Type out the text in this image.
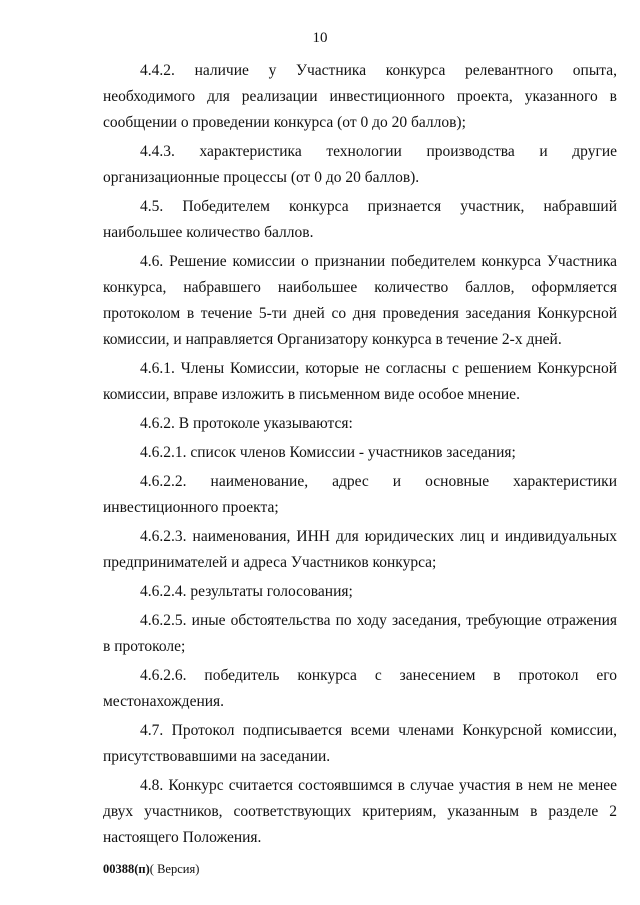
10

4.4.2. наличие у Участника конкурса релевантного опыта, необходимого для реализации инвестиционного проекта, указанного в сообщении о проведении конкурса (от 0 до 20 баллов);

4.4.3. характеристика технологии производства и другие организационные процессы (от 0 до 20 баллов).

4.5. Победителем конкурса признается участник, набравший наибольшее количество баллов.

4.6. Решение комиссии о признании победителем конкурса Участника конкурса, набравшего наибольшее количество баллов, оформляется протоколом в течение 5-ти дней со дня проведения заседания Конкурсной комиссии, и направляется Организатору конкурса в течение 2-х дней.

4.6.1. Члены Комиссии, которые не согласны с решением Конкурсной комиссии, вправе изложить в письменном виде особое мнение.

4.6.2. В протоколе указываются:

4.6.2.1. список членов Комиссии - участников заседания;

4.6.2.2. наименование, адрес и основные характеристики инвестиционного проекта;

4.6.2.3. наименования, ИНН для юридических лиц и индивидуальных предпринимателей и адреса Участников конкурса;

4.6.2.4. результаты голосования;

4.6.2.5. иные обстоятельства по ходу заседания, требующие отражения в протоколе;

4.6.2.6. победитель конкурса с занесением в протокол его местонахождения.

4.7. Протокол подписывается всеми членами Конкурсной комиссии, присутствовавшими на заседании.

4.8. Конкурс считается состоявшимся в случае участия в нем не менее двух участников, соответствующих критериям, указанным в разделе 2 настоящего Положения.

00388(п)( Версия)
